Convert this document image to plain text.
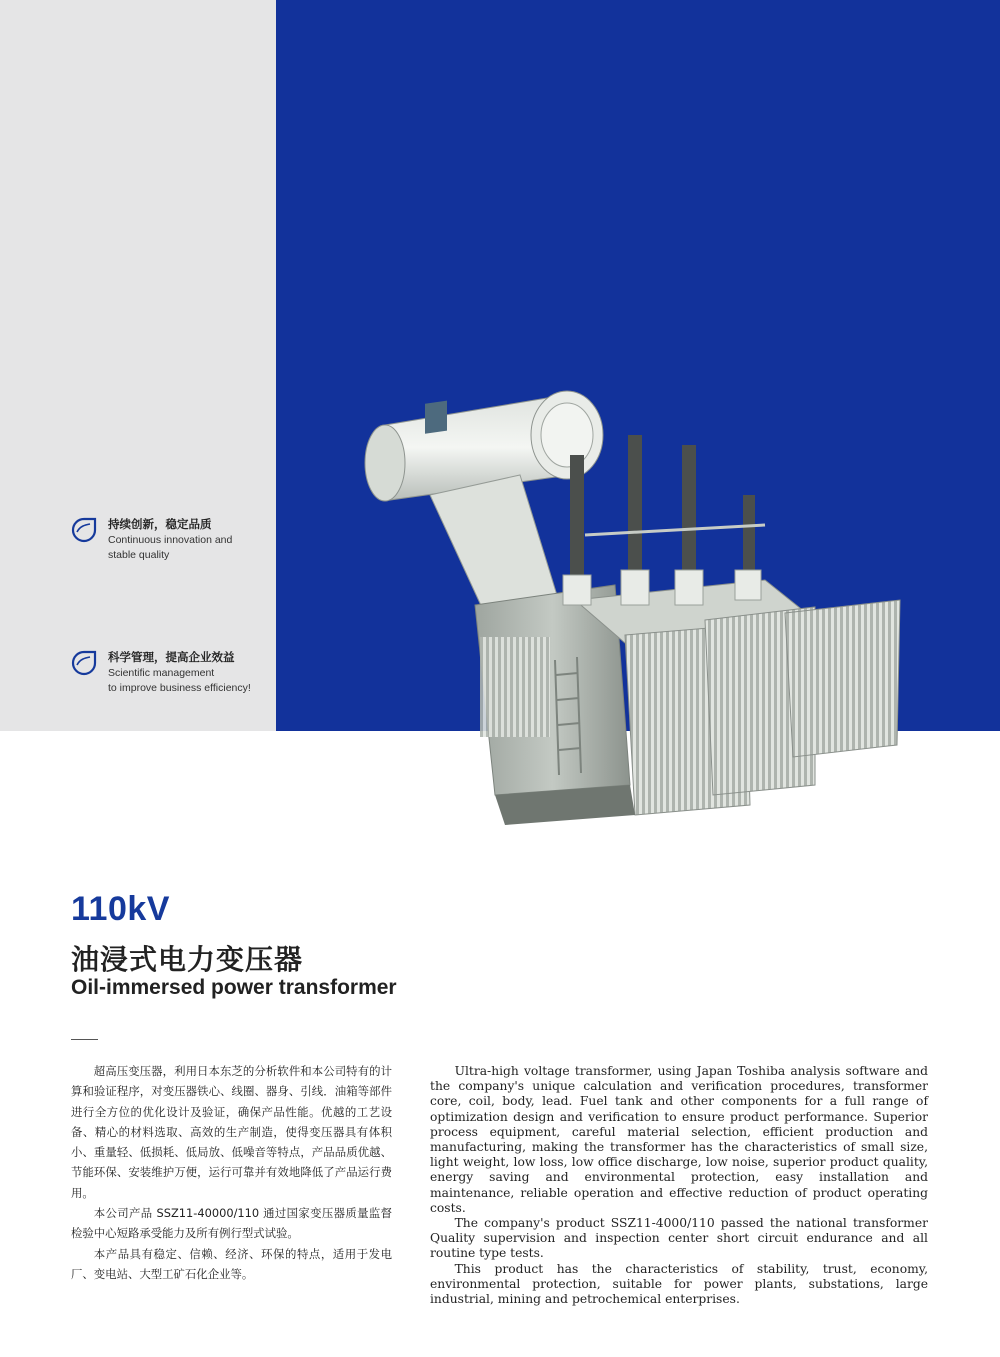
持续创新，稳定品质
Continuous innovation and
stable quality
科学管理，提高企业效益
Scientific management
to improve business efficiency!
110kV
油浸式电力变压器
Oil-immersed power transformer

超高压变压器，利用日本东芝的分析软件和本公司特有的计算和验证程序，对变压器铁心、线圈、器身、引线．油箱等部件进行全方位的优化设计及验证，确保产品性能。优越的工艺设备、精心的材料选取、高效的生产制造，使得变压器具有体积小、重量轻、低损耗、低局放、低噪音等特点，产品品质优越、节能环保、安装维护万便，运行可靠并有效地降低了产品运行费用。

本公司产品 SSZ11-40000/110 通过国家变压器质量监督检验中心短路承受能力及所有例行型式试验。

本产品具有稳定、信赖、经济、环保的特点，适用于发电厂、变电站、大型工矿石化企业等。

Ultra-high voltage transformer, using Japan Toshiba analysis software and the company's unique calculation and verification procedures, transformer core, coil, body, lead. Fuel tank and other components for a full range of optimization design and verification to ensure product performance. Superior process equipment, careful material selection, efficient production and manufacturing, making the transformer has the characteristics of small size, light weight, low loss, low office discharge, low noise, superior product quality, energy saving and environmental protection, easy installation and maintenance, reliable operation and effective reduction of product operating costs.

The company's product SSZ11-4000/110 passed the national transformer Quality supervision and inspection center short circuit endurance and all routine type tests.

This product has the characteristics of stability, trust, economy, environmental protection, suitable for power plants, substations, large industrial, mining and petrochemical enterprises.
